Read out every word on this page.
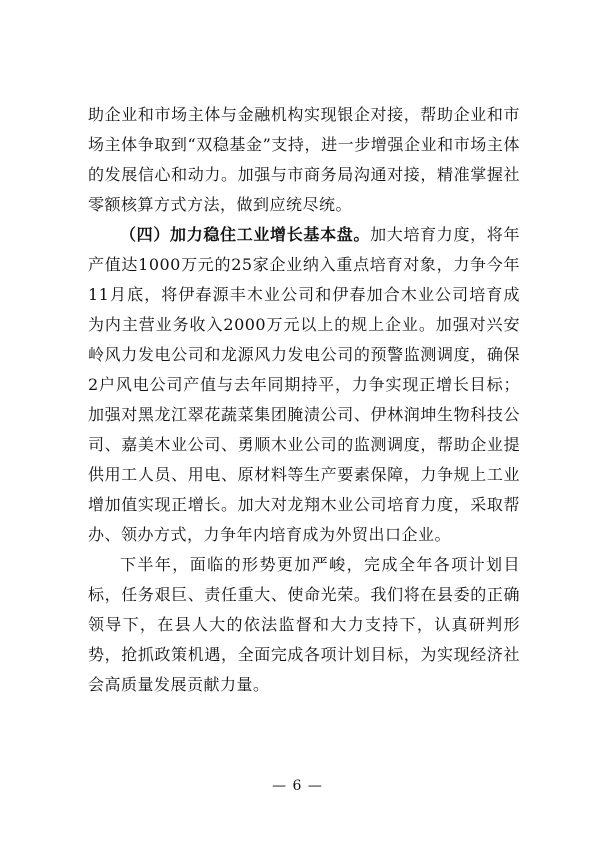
助企业和市场主体与金融机构实现银企对接，帮助企业和市场主体争取到“双稳基金”支持，进一步增强企业和市场主体的发展信心和动力。加强与市商务局沟通对接，精准掌握社零额核算方式方法，做到应统尽统。

（四）加力稳住工业增长基本盘。加大培育力度，将年产值达1000万元的25家企业纳入重点培育对象，力争今年11月底，将伊春源丰木业公司和伊春加合木业公司培育成为内主营业务收入2000万元以上的规上企业。加强对兴安岭风力发电公司和龙源风力发电公司的预警监测调度，确保2户风电公司产值与去年同期持平，力争实现正增长目标；加强对黑龙江翠花蔬菜集团腌渍公司、伊林润坤生物科技公司、嘉美木业公司、勇顺木业公司的监测调度，帮助企业提供用工人员、用电、原材料等生产要素保障，力争规上工业增加值实现正增长。加大对龙翔木业公司培育力度，采取帮办、领办方式，力争年内培育成为外贸出口企业。

下半年，面临的形势更加严峻，完成全年各项计划目标，任务艰巨、责任重大、使命光荣。我们将在县委的正确领导下，在县人大的依法监督和大力支持下，认真研判形势，抢抓政策机遇，全面完成各项计划目标，为实现经济社会高质量发展贡献力量。

— 6 —
